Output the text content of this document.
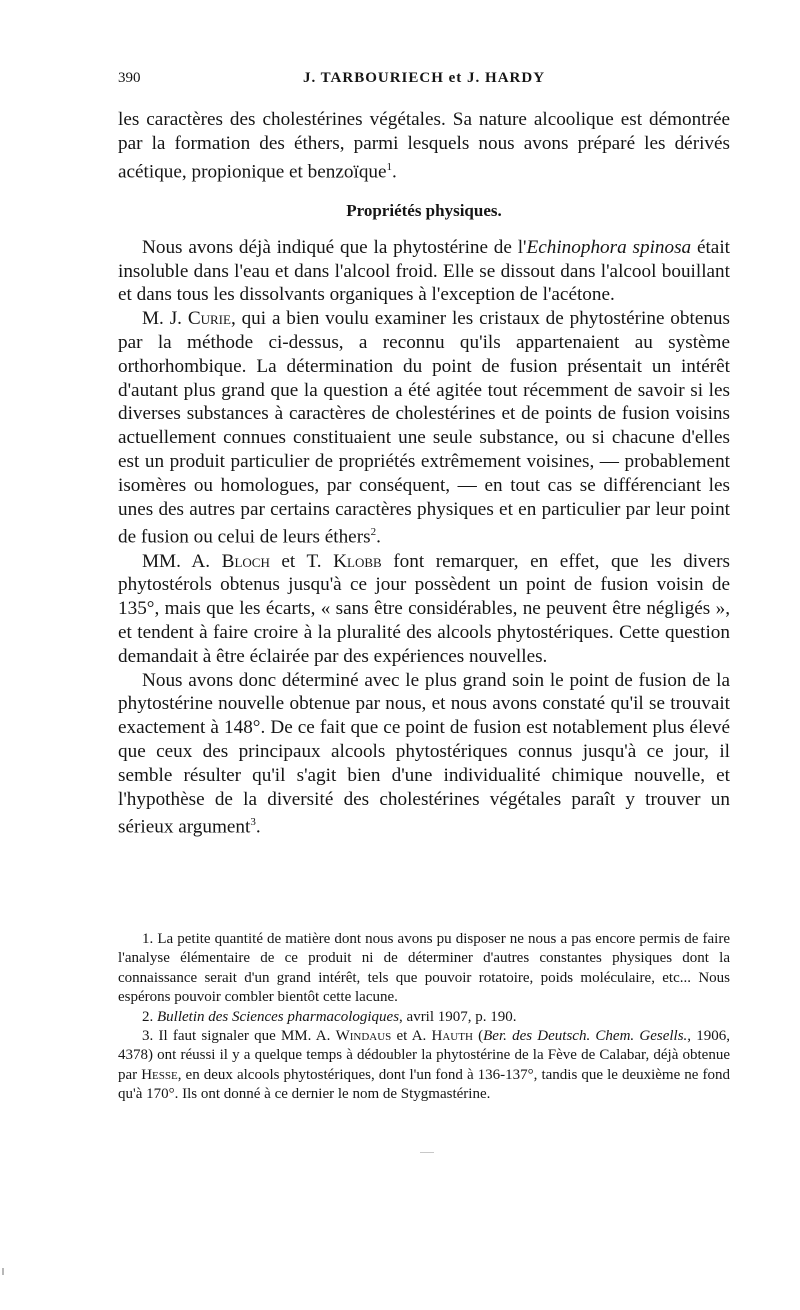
390	J. TARBOURIECH et J. HARDY

les caractères des cholestérines végétales. Sa nature alcoolique est démontrée par la formation des éthers, parmi lesquels nous avons préparé les dérivés acétique, propionique et benzoïque$^1$.

Propriétés physiques.

Nous avons déjà indiqué que la phytostérine de l'Echinophora spinosa était insoluble dans l'eau et dans l'alcool froid. Elle se dissout dans l'alcool bouillant et dans tous les dissolvants organiques à l'exception de l'acétone.

M. J. Curie, qui a bien voulu examiner les cristaux de phytostérine obtenus par la méthode ci-dessus, a reconnu qu'ils appartenaient au système orthorhombique. La détermination du point de fusion présentait un intérêt d'autant plus grand que la question a été agitée tout récemment de savoir si les diverses substances à caractères de cholestérines et de points de fusion voisins actuellement connues constituaient une seule substance, ou si chacune d'elles est un produit particulier de propriétés extrêmement voisines, — probablement isomères ou homologues, par conséquent, — en tout cas se différenciant les unes des autres par certains caractères physiques et en particulier par leur point de fusion ou celui de leurs éthers$^2$.

MM. A. Bloch et T. Klobb font remarquer, en effet, que les divers phytostérols obtenus jusqu'à ce jour possèdent un point de fusion voisin de 135°, mais que les écarts, « sans être considérables, ne peuvent être négligés », et tendent à faire croire à la pluralité des alcools phytostériques. Cette question demandait à être éclairée par des expériences nouvelles.

Nous avons donc déterminé avec le plus grand soin le point de fusion de la phytostérine nouvelle obtenue par nous, et nous avons constaté qu'il se trouvait exactement à 148°. De ce fait que ce point de fusion est notablement plus élevé que ceux des principaux alcools phytostériques connus jusqu'à ce jour, il semble résulter qu'il s'agit bien d'une individualité chimique nouvelle, et l'hypothèse de la diversité des cholestérines végétales paraît y trouver un sérieux argument$^3$.

1. La petite quantité de matière dont nous avons pu disposer ne nous a pas encore permis de faire l'analyse élémentaire de ce produit ni de déterminer d'autres constantes physiques dont la connaissance serait d'un grand intérêt, tels que pouvoir rotatoire, poids moléculaire, etc... Nous espérons pouvoir combler bientôt cette lacune.

2. Bulletin des Sciences pharmacologiques, avril 1907, p. 190.

3. Il faut signaler que MM. A. Windaus et A. Hauth (Ber. des Deutsch. Chem. Gesells., 1906, 4378) ont réussi il y a quelque temps à dédoubler la phytostérine de la Fève de Calabar, déjà obtenue par Hesse, en deux alcools phytostériques, dont l'un fond à 136-137°, tandis que le deuxième ne fond qu'à 170°. Ils ont donné à ce dernier le nom de Stygmastérine.
